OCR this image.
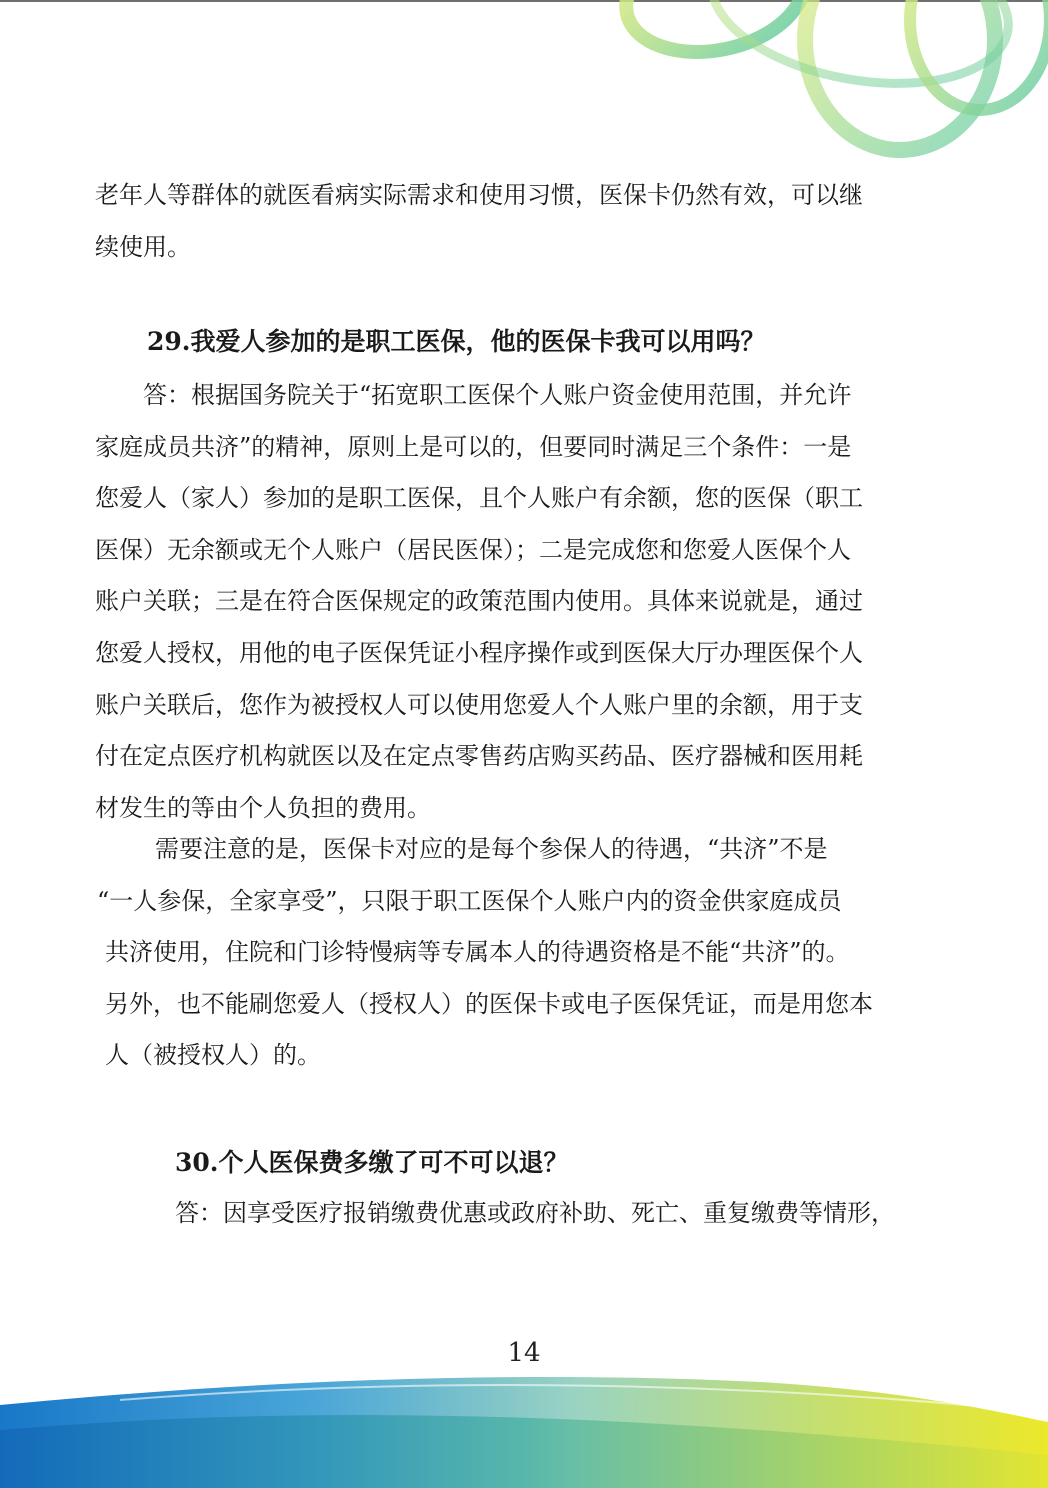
老年人等群体的就医看病实际需求和使用习惯，医保卡仍然有效，可以继
续使用。
29.我爱人参加的是职工医保，他的医保卡我可以用吗？
答：根据国务院关于“拓宽职工医保个人账户资金使用范围，并允许
家庭成员共济”的精神，原则上是可以的，但要同时满足三个条件：一是
您爱人（家人）参加的是职工医保，且个人账户有余额，您的医保（职工
医保）无余额或无个人账户（居民医保）；二是完成您和您爱人医保个人
账户关联；三是在符合医保规定的政策范围内使用。具体来说就是，通过
您爱人授权，用他的电子医保凭证小程序操作或到医保大厅办理医保个人
账户关联后，您作为被授权人可以使用您爱人个人账户里的余额，用于支
付在定点医疗机构就医以及在定点零售药店购买药品、医疗器械和医用耗
材发生的等由个人负担的费用。
需要注意的是，医保卡对应的是每个参保人的待遇，“共济”不是
“一人参保，全家享受”，只限于职工医保个人账户内的资金供家庭成员
共济使用，住院和门诊特慢病等专属本人的待遇资格是不能“共济”的。
另外，也不能刷您爱人（授权人）的医保卡或电子医保凭证，而是用您本
人（被授权人）的。
30.个人医保费多缴了可不可以退？
答：因享受医疗报销缴费优惠或政府补助、死亡、重复缴费等情形，
14
